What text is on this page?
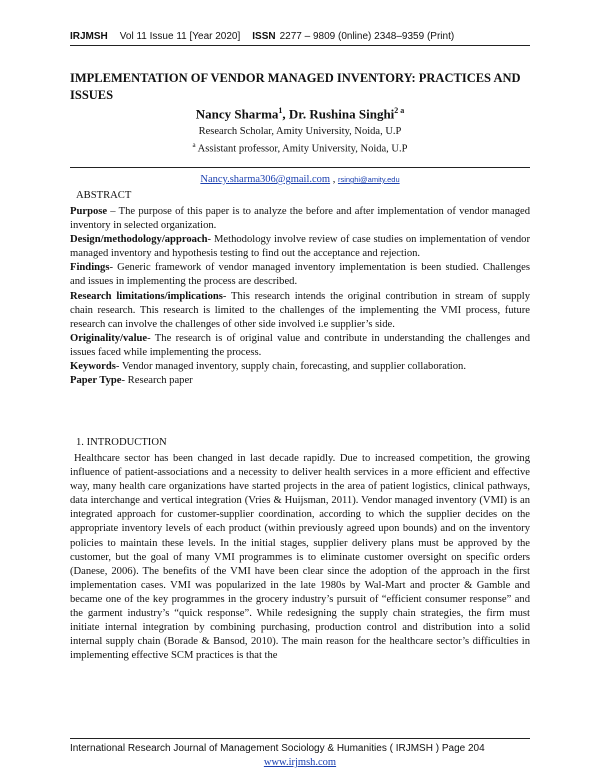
IRJMSH Vol 11 Issue 11 [Year 2020] ISSN 2277 – 9809 (0nline) 2348–9359 (Print)
IMPLEMENTATION OF VENDOR MANAGED INVENTORY: PRACTICES AND ISSUES
Nancy Sharma$^1$, Dr. Rushina Singhi$^{2 a}$
Research Scholar, Amity University, Noida, U.P
$^a$ Assistant professor, Amity University, Noida, U.P
Nancy.sharma306@gmail.com , rsinghi@amity.edu
ABSTRACT

Purpose – The purpose of this paper is to analyze the before and after implementation of vendor managed inventory in selected organization.

Design/methodology/approach- Methodology involve review of case studies on implementation of vendor managed inventory and hypothesis testing to find out the acceptance and rejection.

Findings- Generic framework of vendor managed inventory implementation is been studied. Challenges and issues in implementing the process are described.

Research limitations/implications- This research intends the original contribution in stream of supply chain research. This research is limited to the challenges of the implementing the VMI process, future research can involve the challenges of other side involved i.e supplier’s side.

Originality/value- The research is of original value and contribute in understanding the challenges and issues faced while implementing the process.

Keywords- Vendor managed inventory, supply chain, forecasting, and supplier collaboration.

Paper Type- Research paper

1. INTRODUCTION

Healthcare sector has been changed in last decade rapidly. Due to increased competition, the growing influence of patient-associations and a necessity to deliver health services in a more efficient and effective way, many health care organizations have started projects in the area of patient logistics, clinical pathways, data interchange and vertical integration (Vries & Huijsman, 2011). Vendor managed inventory (VMI) is an integrated approach for customer-supplier coordination, according to which the supplier decides on the appropriate inventory levels of each product (within previously agreed upon bounds) and on the inventory policies to maintain these levels. In the initial stages, supplier delivery plans must be approved by the customer, but the goal of many VMI programmes is to eliminate customer oversight on specific orders (Danese, 2006). The benefits of the VMI have been clear since the adoption of the approach in the first implementation cases. VMI was popularized in the late 1980s by Wal-Mart and procter & Gamble and became one of the key programmes in the grocery industry’s pursuit of “efficient consumer response” and the garment industry’s “quick response”. While redesigning the supply chain strategies, the firm must initiate internal integration by combining purchasing, production control and distribution into a solid internal supply chain (Borade & Bansod, 2010). The main reason for the healthcare sector’s difficulties in implementing effective SCM practices is that the

International Research Journal of Management Sociology & Humanities ( IRJMSH ) Page 204
www.irjmsh.com
